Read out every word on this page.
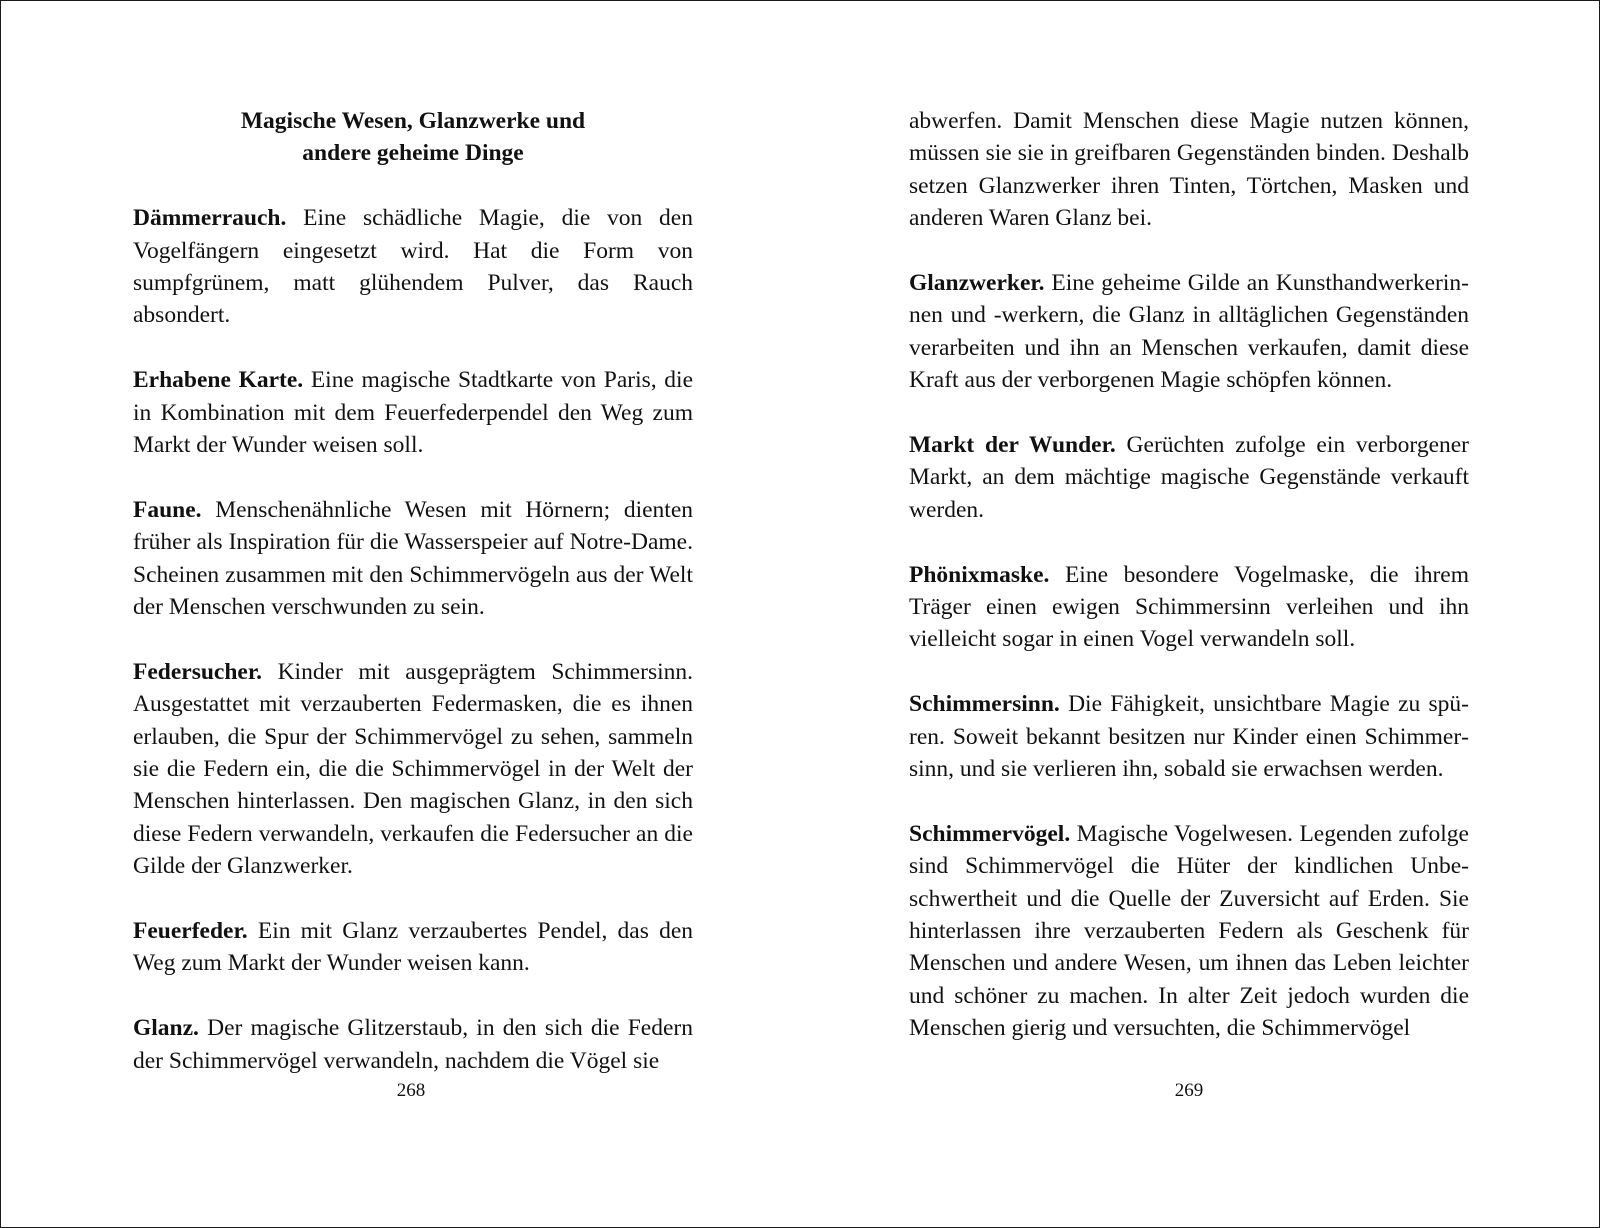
Magische Wesen, Glanzwerke und
andere geheime Dinge

Dämmerrauch. Eine schädliche Magie, die von den Vogelfängern eingesetzt wird. Hat die Form von sumpfgrünem, matt glühendem Pulver, das Rauch absondert.

Erhabene Karte. Eine magische Stadtkarte von Paris, die in Kombination mit dem Feuerfederpendel den Weg zum Markt der Wunder weisen soll.

Faune. Menschenähnliche Wesen mit Hörnern; dienten früher als Inspiration für die Wasserspeier auf Notre-Dame. Scheinen zusammen mit den Schimmervögeln aus der Welt der Menschen verschwunden zu sein.

Federsucher. Kinder mit ausgeprägtem Schimmersinn. Ausgestattet mit verzauberten Federmasken, die es ihnen erlauben, die Spur der Schimmervögel zu sehen, sammeln sie die Federn ein, die die Schimmervögel in der Welt der Menschen hinterlassen. Den magischen Glanz, in den sich diese Federn verwandeln, verkaufen die Federsucher an die Gilde der Glanzwerker.

Feuerfeder. Ein mit Glanz verzaubertes Pendel, das den Weg zum Markt der Wunder weisen kann.

Glanz. Der magische Glitzerstaub, in den sich die Federn der Schimmervögel verwandeln, nachdem die Vögel sie

abwerfen. Damit Menschen diese Magie nutzen können, müssen sie sie in greifbaren Gegenständen binden. Deshalb setzen Glanzwerker ihren Tinten, Törtchen, Masken und anderen Waren Glanz bei.

Glanzwerker. Eine geheime Gilde an Kunsthandwerkerinnen und -werkern, die Glanz in alltäglichen Gegenständen verarbeiten und ihn an Menschen verkaufen, damit diese Kraft aus der verborgenen Magie schöpfen können.

Markt der Wunder. Gerüchten zufolge ein verborgener Markt, an dem mächtige magische Gegenstände verkauft werden.

Phönixmaske. Eine besondere Vogelmaske, die ihrem Träger einen ewigen Schimmersinn verleihen und ihn vielleicht sogar in einen Vogel verwandeln soll.

Schimmersinn. Die Fähigkeit, unsichtbare Magie zu spüren. Soweit bekannt besitzen nur Kinder einen Schimmersinn, und sie verlieren ihn, sobald sie erwachsen werden.

Schimmervögel. Magische Vogelwesen. Legenden zufolge sind Schimmervögel die Hüter der kindlichen Unbeschwertheit und die Quelle der Zuversicht auf Erden. Sie hinterlassen ihre verzauberten Federn als Geschenk für Menschen und andere Wesen, um ihnen das Leben leichter und schöner zu machen. In alter Zeit jedoch wurden die Menschen gierig und versuchten, die Schimmervögel

268	269
